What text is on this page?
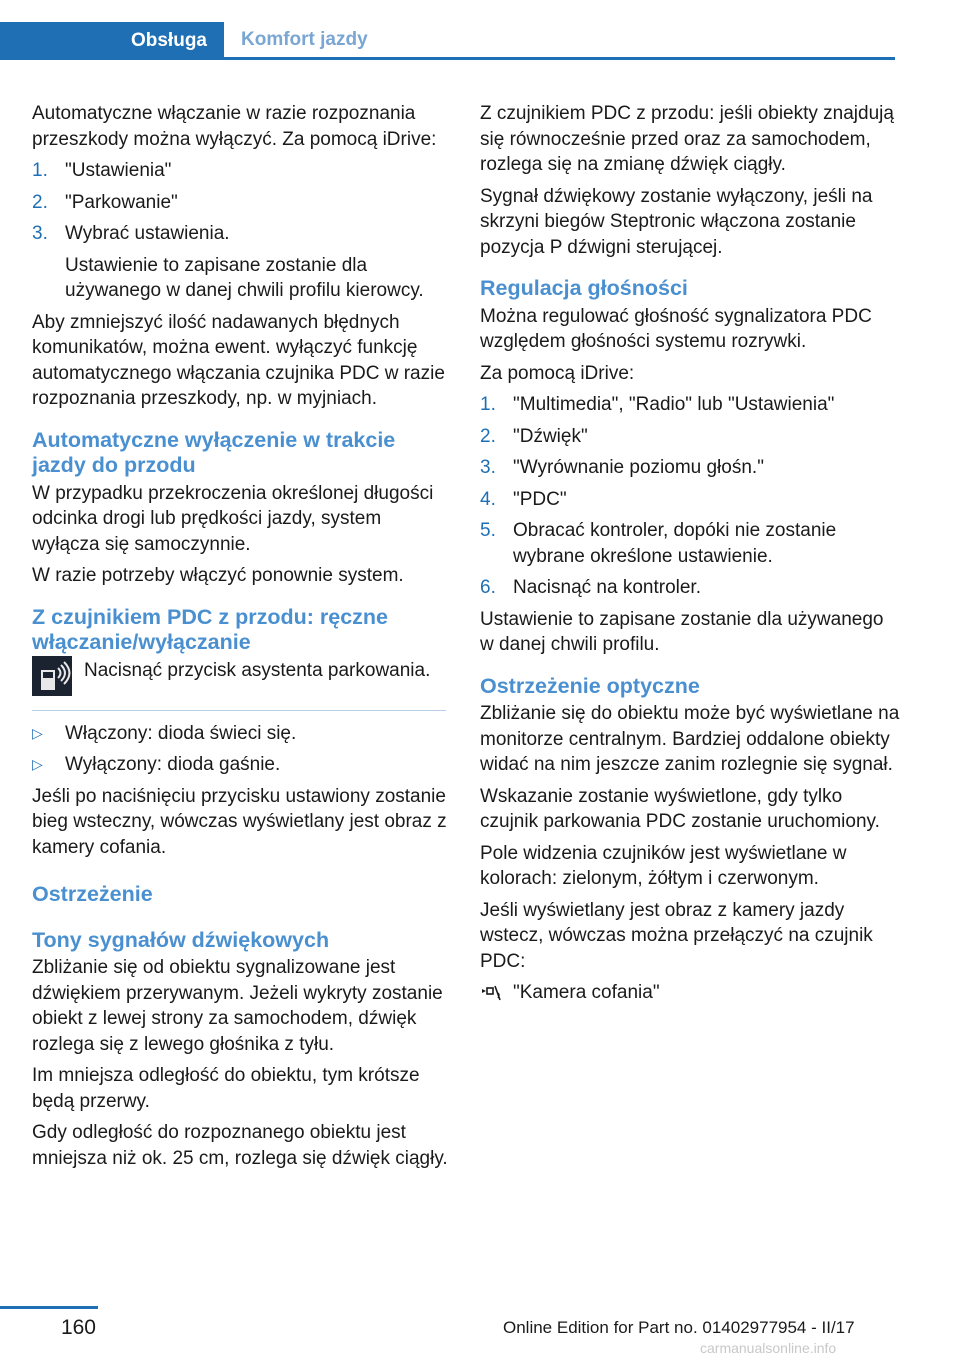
Obsługa	Komfort jazdy

Automatyczne włączanie w razie rozpoznania przeszkody można wyłączyć. Za pomocą iDrive:

1. "Ustawienia"
2. "Parkowanie"
3. Wybrać ustawienia.

Ustawienie to zapisane zostanie dla używanego w danej chwili profilu kierowcy.

Aby zmniejszyć ilość nadawanych błędnych komunikatów, można ewent. wyłączyć funkcję automatycznego włączania czujnika PDC w razie rozpoznania przeszkody, np. w myjniach.

Automatyczne wyłączenie w trakcie jazdy do przodu

W przypadku przekroczenia określonej długości odcinka drogi lub prędkości jazdy, system wyłącza się samoczynnie.

W razie potrzeby włączyć ponownie system.

Z czujnikiem PDC z przodu: ręczne włączanie/wyłączanie
Nacisnąć przycisk asystenta parkowania.
▷ Włączony: dioda świeci się.
▷ Wyłączony: dioda gaśnie.

Jeśli po naciśnięciu przycisku ustawiony zostanie bieg wsteczny, wówczas wyświetlany jest obraz z kamery cofania.

Ostrzeżenie
Tony sygnałów dźwiękowych

Zbliżanie się od obiektu sygnalizowane jest dźwiękiem przerywanym. Jeżeli wykryty zostanie obiekt z lewej strony za samochodem, dźwięk rozlega się z lewego głośnika z tyłu.

Im mniejsza odległość do obiektu, tym krótsze będą przerwy.

Gdy odległość do rozpoznanego obiektu jest mniejsza niż ok. 25 cm, rozlega się dźwięk ciągły.

Z czujnikiem PDC z przodu: jeśli obiekty znajdują się równocześnie przed oraz za samochodem, rozlega się na zmianę dźwięk ciągły.

Sygnał dźwiękowy zostanie wyłączony, jeśli na skrzyni biegów Steptronic włączona zostanie pozycja P dźwigni sterującej.

Regulacja głośności

Można regulować głośność sygnalizatora PDC względem głośności systemu rozrywki.

Za pomocą iDrive:

1. "Multimedia", "Radio" lub "Ustawienia"
2. "Dźwięk"
3. "Wyrównanie poziomu głośn."
4. "PDC"
5. Obracać kontroler, dopóki nie zostanie wybrane określone ustawienie.
6. Nacisnąć na kontroler.

Ustawienie to zapisane zostanie dla używanego w danej chwili profilu.

Ostrzeżenie optyczne

Zbliżanie się do obiektu może być wyświetlane na monitorze centralnym. Bardziej oddalone obiekty widać na nim jeszcze zanim rozlegnie się sygnał.

Wskazanie zostanie wyświetlone, gdy tylko czujnik parkowania PDC zostanie uruchomiony.

Pole widzenia czujników jest wyświetlane w kolorach: zielonym, żółtym i czerwonym.

Jeśli wyświetlany jest obraz z kamery jazdy wstecz, wówczas można przełączyć na czujnik PDC:

"Kamera cofania"
160	Online Edition for Part no. 01402977954 - II/17
carmanualsonline.info
